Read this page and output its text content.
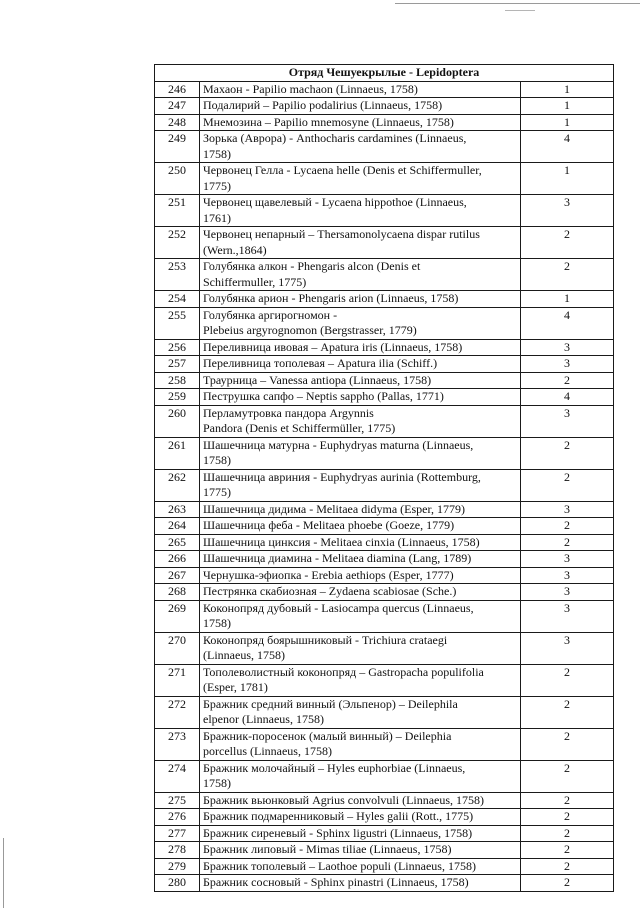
Отряд Чешуекрылые - Lepidoptera		
246	Махаон - Papilio machaon (Linnaeus, 1758)	1
247	Подалирий – Papilio podalirius (Linnaeus, 1758)	1
248	Мнемозина – Papilio mnemosyne (Linnaeus, 1758)	1
249	Зорька (Аврора) - Anthocharis cardamines (Linnaeus,
1758)	4
250	Червонец Гелла - Lycaena helle (Denis et Schiffermuller,
1775)	1
251	Червонец щавелевый - Lycaena hippothoe (Linnaeus,
1761)	3
252	Червонец непарный – Thersamonolycaena dispar rutilus
(Wern.,1864)	2
253	Голубянка алкон - Phengaris alcon (Denis et
Schiffermuller, 1775)	2
254	Голубянка арион - Phengaris arion (Linnaeus, 1758)	1
255	Голубянка аргирогномон -
Plebeius argyrognomon (Bergstrasser, 1779)	4
256	Переливница ивовая – Apatura iris (Linnaeus, 1758)	3
257	Переливница тополевая – Apatura ilia (Schiff.)	3
258	Траурница – Vanessa antiopa (Linnaeus, 1758)	2
259	Пеструшка сапфо – Neptis sappho (Pallas, 1771)	4
260	Перламутровка пандора Argynnis
Pandora (Denis et Schiffermüller, 1775)	3
261	Шашечница матурна - Euphydryas maturna (Linnaeus,
1758)	2
262	Шашечница авриния - Euphydryas aurinia (Rottemburg,
1775)	2
263	Шашечница дидима - Melitaea didyma (Esper, 1779)	3
264	Шашечница феба - Melitaea phoebe (Goeze, 1779)	2
265	Шашечница цинксия - Melitaea cinxia (Linnaeus, 1758)	2
266	Шашечница диамина - Melitaea diamina (Lang, 1789)	3
267	Чернушка-эфиопка - Erebia aethiops (Esper, 1777)	3
268	Пестрянка скабиозная – Zydaena scabiosae (Sche.)	3
269	Коконопряд дубовый - Lasiocampa quercus (Linnaeus,
1758)	3
270	Коконопряд боярышниковый - Trichiura crataegi
(Linnaeus, 1758)	3
271	Тополеволистный коконопряд – Gastropacha populifolia
(Esper, 1781)	2
272	Бражник средний винный (Эльпенор) – Deilephila
elpenor (Linnaeus, 1758)	2
273	Бражник-поросенок (малый винный) – Deilephia
porcellus (Linnaeus, 1758)	2
274	Бражник молочайный – Hyles euphorbiae (Linnaeus,
1758)	2
275	Бражник вьюнковый Agrius convolvuli (Linnaeus, 1758)	2
276	Бражник подмаренниковый – Hyles galii (Rott., 1775)	2
277	Бражник сиреневый - Sphinx ligustri (Linnaeus, 1758)	2
278	Бражник липовый - Mimas tiliae (Linnaeus, 1758)	2
279	Бражник тополевый – Laothoe populi (Linnaeus, 1758)	2
280	Бражник сосновый - Sphinx pinastri (Linnaeus, 1758)	2
